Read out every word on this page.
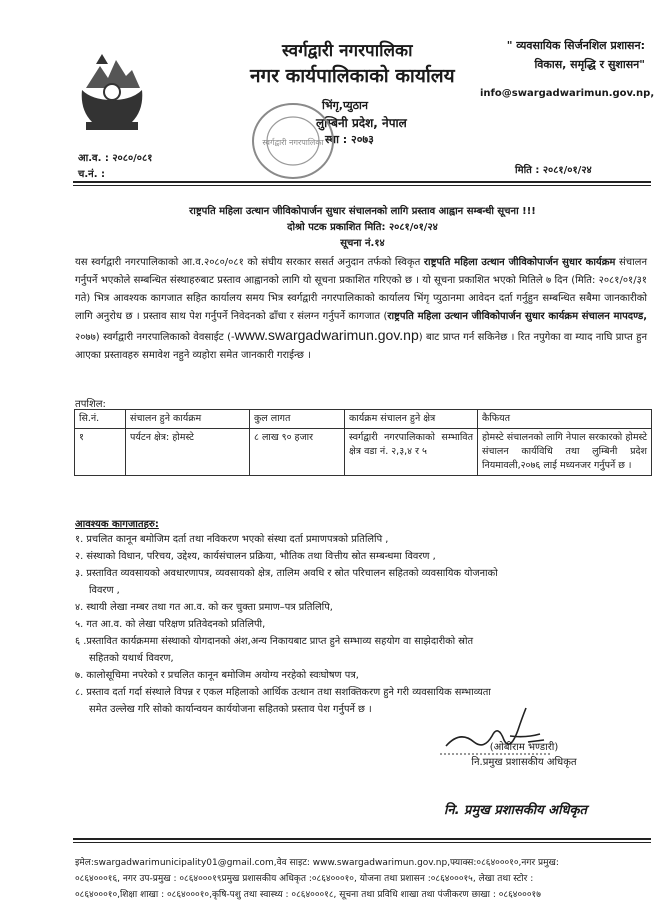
स्वर्गद्वारी नगरपालिका
नगर कार्यपालिकाको कार्यालय
भिंगृ,प्युठान
लुम्बिनी प्रदेश, नेपाल
स्था : २०७३
स्वर्गद्वारी नगरपालिका
" व्यवसायिक सिर्जनशिल प्रशासन:
विकास, समृद्धि र सुशासन"
info@swargadwarimun.gov.np,
आ.व. : २०८०/०८१
च.नं. :	मिति : २०८१/०१/२४
राष्ट्रपति महिला उत्थान जीविकोपार्जन सुधार संचालनको लागि प्रस्ताव आह्वान सम्बन्धी सूचना !!!
दोश्रो पटक प्रकाशित मिति: २०८१/०१/२४
सूचना नं.१४
यस स्वर्गद्वारी नगरपालिकाको आ.व.२०८०/०८१ को संघीय सरकार ससर्त अनुदान तर्फको स्विकृत राष्ट्रपति महिला उत्थान जीविकोपार्जन सुधार कार्यक्रम संचालन गर्नुपर्ने भएकोले सम्बन्धित संस्थाहरुबाट प्रस्ताव आह्वानको लागि यो सूचना प्रकाशित गरिएको छ । यो सूचना प्रकाशित भएको मितिले ७ दिन (मिति: २०८१/०१/३१ गते) भित्र आवश्यक कागजात सहित कार्यालय समय भित्र स्वर्गद्वारी नगरपालिकाको कार्यालय भिंगृ प्युठानमा आवेदन दर्ता गर्नुहुन सम्बन्धित सबैमा जानकारीको लागि अनुरोध छ । प्रस्ताव साथ पेश गर्नुपर्ने निवेदनको ढाँचा र संलग्न गर्नुपर्ने कागजात (राष्ट्रपति महिला उत्थान जीविकोपार्जन सुधार कार्यक्रम संचालन मापदण्ड, २०७७) स्वर्गद्वारी नगरपालिकाको वेवसाईट (-www.swargadwarimun.gov.np) बाट प्राप्त गर्न सकिनेछ । रित नपुगेका वा म्याद नाघि प्राप्त हुन आएका प्रस्तावहरु समावेश नहुने व्यहोरा समेत जानकारी गराईन्छ ।
तपशिल:
सि.नं.	संचालन हुने कार्यक्रम	कुल लागत	कार्यक्रम संचालन हुने क्षेत्र	कैफियत
१	पर्यटन क्षेत्र: होमस्टे	८ लाख ९० हजार	स्वर्गद्वारी नगरपालिकाको सम्भावित क्षेत्र वडा नं. २,३,४ र ५	होमस्टे संचालनको लागि नेपाल सरकारको होमस्टे संचालन कार्यविधि तथा लुम्बिनी प्रदेश नियमावली,२०७६ लाई मध्यनजर गर्नुपर्ने छ ।
आवश्यक कागजातहरु:
१. प्रचलित कानून बमोजिम दर्ता तथा नविकरण भएको संस्था दर्ता प्रमाणपत्रको प्रतिलिपि ,
२. संस्थाको विधान, परिचय, उद्देश्य, कार्यसंचालन प्रक्रिया, भौतिक तथा वित्तीय स्रोत सम्बन्धमा विवरण ,
३. प्रस्तावित व्यवसायको अवधारणापत्र, व्यवसायको क्षेत्र, तालिम अवधि र स्रोत परिचालन सहितको व्यवसायिक योजनाको
विवरण ,
४. स्थायी लेखा नम्बर तथा गत आ.व. को कर चुक्ता प्रमाण–पत्र प्रतिलिपि,
५. गत आ.व. को लेखा परिक्षण प्रतिवेदनको प्रतिलिपी,
६ .प्रस्तावित कार्यक्रममा संस्थाको योगदानको अंश,अन्य निकायबाट प्राप्त हुने सम्भाव्य सहयोग वा साझेदारीको स्रोत
सहितको यथार्थ विवरण,
७. कालोसूचिमा नपरेको र प्रचलित कानून बमोजिम अयोग्य नरहेको स्वःघोषण पत्र,
८. प्रस्ताव दर्ता गर्दा संस्थाले विपन्न र एकल महिलाको आर्थिक उत्थान तथा सशक्तिकरण हुने गरी व्यवसायिक सम्भाव्यता
समेत उल्लेख गरि सोको कार्यान्वयन कार्ययोजना सहितको प्रस्ताव पेश गर्नुपर्ने छ ।
(ओबीराम भण्डारी)
नि.प्रमुख प्रशासकीय अधिकृत
नि. प्रमुख प्रशासकीय अधिकृत
इमेल:swargadwarimunicipality01@gmail.com,वेव साइट: www.swargadwarimun.gov.np,फ्याक्स:०८६४०००१०,नगर प्रमुख:
०८६४०००१६, नगर उप-प्रमुख : ०८६४०००१९प्रमुख प्रशासकीय अधिकृत :०८६४०००१०, योजना तथा प्रशासन :०८६४०००१५, लेखा तथा स्टोर :
०८६४०००१०,शिक्षा शाखा : ०८६४०००१०,कृषि-पशु तथा स्वास्थ्य : ०८६४०००१८, सूचना तथा प्रविधि शाखा तथा पंजीकरण छाखा : ०८६४०००१७
